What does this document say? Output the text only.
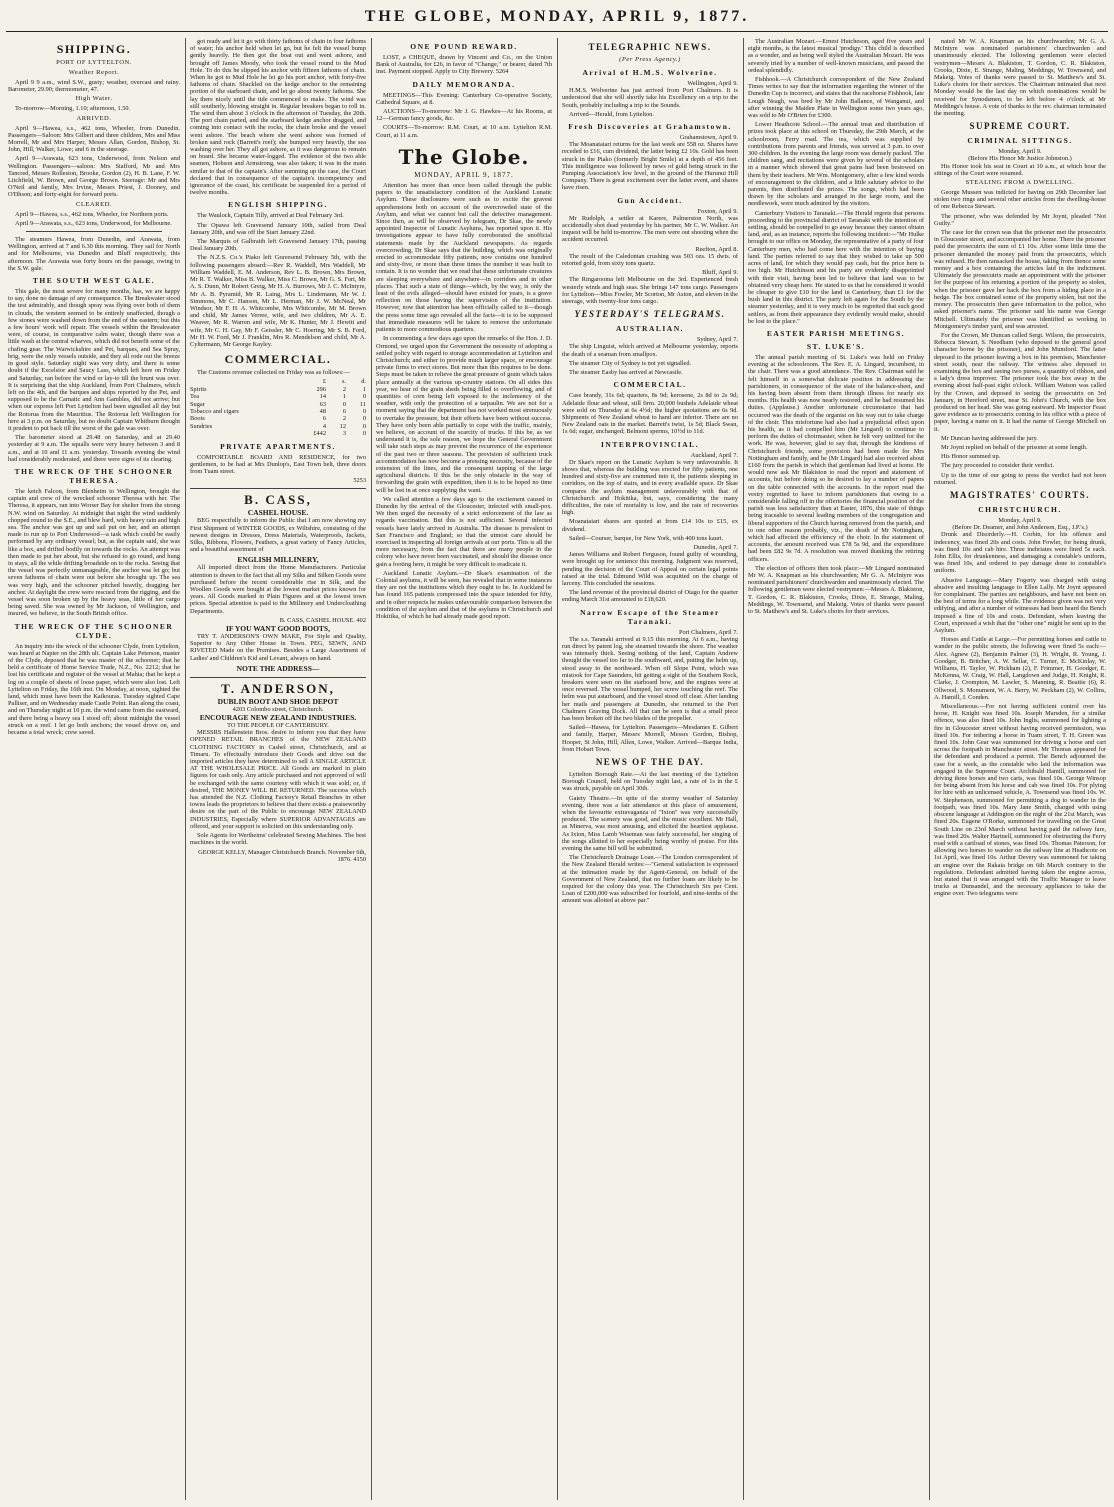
THE GLOBE, MONDAY, APRIL 9, 1877.
SHIPPING.
PORT OF LYTTELTON.
Weather Report.

April 9 9 a.m., wind S.W., gusty; weather, overcast and rainy. Barometer, 29.90; thermometer, 47.

High Water.

To-morrow—Morning, 1.10; afternoon, 1.50.

ARRIVED.

April 9—Hawea, s.s., 462 tons, Wheeler, from Dunedin. Passengers—Saloon: Mrs Gilbert and three children, Mrs and Miss Morrell, Mr and Mrs Harper, Messrs Allan, Gordon, Bishop, St. John, Hill, Walker, Lowe; and 6 in the steerage.

April 9—Arawata, 623 tons, Underwood, from Nelson and Wellington. Passengers—saloon: Mrs Stafford, Mr and Mrs Tancred, Messrs Rolleston, Brooke, Gordon (2), H. B. Lane, F. W. Litchfield, W. Brown, and George Brown. Steerage: Mr and Mrs O'Neil and family, Mrs Irvine, Messrs Priest, J. Dooney, and O'Dhson; and forty-eight for forward ports.

CLEARED.

April 9—Hawea, s.s., 462 tons, Wheeler, for Northern ports.

April 9—Arawata, s.s., 623 tons, Underwood, for Melbourne.

The steamers Hawea, from Dunedin, and Arawata, from Wellington, arrived at 7 and 6.30 this morning. They sail for North and for Melbourne, via Dunedin and Bluff respectively, this afternoon. The Arawata was forty hours on the passage, owing to the S.W. gale.

THE SOUTH WEST GALE.

This gale, the most severe for many months, has, we are happy to say, done no damage of any consequence. The Breakwater stood the test admirably, and though spray was flying over both of them in clouds, the western seemed to be entirely unaffected, though a few stones were washed down from the end of the eastern; but this a few hours' work will repair. The vessels within the Breakwater were, of course, in comparative calm water, though there was a little wash at the central wharves, which did not benefit some of the chafing gear. The Warwickshire and Pet, barques, and Sea Spray, brig, were the only vessels outside, and they all rode out the breeze in good style. Saturday night was very dirty, and there is some doubt if the Excelsior and Saucy Lass, which left here on Friday and Saturday, ran before the wind or lay-to till the brunt was over. It is surprising that the ship Auckland, from Port Chalmers, which left on the 4th, and the barques and ships reported by the Pet, and supposed to be the Carnatic and Ann Gambles, did not arrive; but when our express left Port Lyttelton had been signalled all day but the Rotorua from the Mauritius. The Rotorua left Wellington for here at 3 p.m. on Saturday, but no doubt Captain Whitburn thought it prudent to put back till the worst of the gale was over.

The barometer stood at 29.48 on Saturday, and at 29.40 yesterday at 9 a.m. The squalls were very heavy between 3 and 8 a.m., and at 10 and 11 a.m. yesterday. Towards evening the wind had considerably moderated, and there were signs of its clearing.

THE WRECK OF THE SCHOONER THERESA.

The ketch Falcon, from Blenheim to Wellington, brought the captain and crew of the wrecked schooner Theresa with her. The Theresa, it appears, ran into Worser Bay for shelter from the strong N.W. wind on Saturday. At midnight that night the wind suddenly chopped round to the S.E., and blew hard, with heavy rain and high sea. The anchor was got up and sail put on her, and an attempt made to run up to Port Underwood—a task which could be easily performed by any ordinary vessel; but, as the captain said, she was like a box, and drifted bodily on towards the rocks. An attempt was then made to put her about, but she refused to go round, and hung in stays, all the while drifting broadside on to the rocks. Seeing that the vessel was perfectly unmanageable, the anchor was let go; but seven fathoms of chain were out before she brought up. The sea was very high, and the schooner pitched heavily, dragging her anchor. At daylight the crew were rescued from the rigging, and the vessel was soon broken up by the heavy seas, little of her cargo being saved. She was owned by Mr Jackson, of Wellington, and insured, we believe, in the South British office.

THE WRECK OF THE SCHOONER CLYDE.

An inquiry into the wreck of the schooner Clyde, from Lyttelton, was heard at Napier on the 28th ult. Captain Lake Peterson, master of the Clyde, deposed that he was master of the schooner; that he held a certificate of Home Service Trade, N.Z., No. 2212; that he lost his certificate and register of the vessel at Mahia; that he kept a log on a couple of sheets of loose paper, which were also lost. Left Lyttelton on Friday, the 16th inst. On Monday, at noon, sighted the land, which must have been the Kaikouras. Tuesday sighted Cape Palliser, and on Wednesday made Castle Point. Ran along the coast, and on Thursday night at 10 p.m. the wind came from the eastward, and there being a heavy sea I stood off; about midnight the vessel struck on a reef. I let go both anchors; the vessel drove on, and became a total wreck; crew saved.

got ready and let it go with thirty fathoms of chain in four fathoms of water; his anchor held when let go, but he felt the vessel bump gently heavily. He then got the boat out and went ashore, and brought off James Moody, who took the vessel round to the Mud Hole. To do this he slipped his anchor with fifteen fathoms of chain. When he got to Mud Hole he let go his port anchor, with forty-five fathoms of chain. Shackled on the kedge anchor to the remaining portion of the starboard chain, and let go about twenty fathoms. She lay there nicely until the tide commenced to make. The wind was still southerly, blowing straight in. Regular breakers began to roll in. The wind then about 3 o'clock in the afternoon of Tuesday, the 20th. The port chain parted, and the starboard kedge anchor dragged, and coming into contact with the rocks, the chain broke and the vessel went ashore. The beach where she went ashore was formed of broken sand rock (Barrett's reef); she bumped very heavily, the sea washing over her. They all got ashore, as it was dangerous to remain on board. She became water-logged. The evidence of the two able seamen, Hobson and Armstrong, was also taken; it was in the main similar to that of the captain's. After summing up the case, the Court declared that in consequence of the captain's incompetency and ignorance of the coast, his certificate be suspended for a period of twelve months.

ENGLISH SHIPPING.

The Waulock, Captain Tilly, arrived at Deal February 3rd.

The Opawa left Gravesend January 10th, sailed from Deal January 20th, and was off the Start January 22nd.

The Marquis of Galbraith left Gravesend January 17th, passing Deal January 20th.

The N.Z.S. Co.'s Piako left Gravesend February 5th, with the following passengers aboard:—Rev R. Waddell, Mrs Waddell, Mr William Waddell, E. M. Anderson, Rev L. B. Brown, Mrs Brown, Mr R. T. Walker, Miss B. Walker, Miss C. Brown, Mr G. S. Fort, Mr A. S. Dunn, Mr Robert Greig, Mr H. A. Burrows, Mr J. C. McIntyre, Mr A. B. Pyramid, Mr R. Laing, Mrs L. Lindemann, Mr W. J. Simmons, Mr C. Hanson, Mr L. Herman, Mr J. W. McNeal, Mr Windsor, Mr F. H. A. Whitcombe, Mrs Whitcombe, Mr M. Brown and child, Mr James Verree, wife, and two children, Mr A. E. Weaver, Mr R. Warren and wife, Mr K. Hunter, Mr J. Hewitt and wife, Mr C. H. Gay, Mr F. Geissler, Mr C. Hoering, Mr S. B. Ford, Mr H. W. Ford, Mr J. Franklin, Mrs R. Mendelson and child, Mr A. Cyltermann, Mr George Kayley.

COMMERCIAL.

The Customs revenue collected on Friday was as follows:—

	£	s.	d.
Spirits	296	2	1
Tea	14	1	0
Sugar	63	0	11
Tobacco and cigars	48	6	0
Boots	6	2	0
Sundries	4	12	0
	£442	3	0
PRIVATE APARTMENTS.

COMFORTABLE BOARD AND RESIDENCE, for two gentlemen, to be had at Mrs Dunlop's, East Town belt, three doors from Tuam street.

5253
B. CASS,
CASHEL HOUSE.

BEG respectfully to inform the Public that I am now showing my First Shipment of WINTER GOODS, ex Wiltshire, consisting of the newest designs in Dresses, Dress Materials, Waterproofs, Jackets, Silks, Ribbons, Flowers, Feathers, a great variety of Fancy Articles, and a beautiful assortment of

ENGLISH MILLINERY,

All imported direct from the Home Manufacturers. Particular attention is drawn to the fact that all my Silks and Silken Goods were purchased before the recent considerable rise in Silk, and the Woollen Goods were bought at the lowest market prices known for years. All Goods marked in Plain Figures and at the lowest town prices. Special attention is paid to the Millinery and Undercloathing Departments.

B. CASS, CASHEL HOUSE. 402
IF YOU WANT GOOD BOOTS,

TRY T. ANDERSON'S OWN MAKE, For Style and Quality, Superior to Any Other House in Town. PEG, SEWN, AND RIVETED Made on the Premises. Besides a Large Assortment of Ladies' and Children's Kid and Levant, always on hand.

NOTE THE ADDRESS—
T. ANDERSON,
DUBLIN BOOT AND SHOE DEPOT
4203 Colombo street, Christchurch.
ENCOURAGE NEW ZEALAND INDUSTRIES.
TO THE PEOPLE OF CANTERBURY.

MESSRS Hallenstein Bros. desire to inform you that they have OPENED RETAIL BRANCHES of the NEW ZEALAND CLOTHING FACTORY in Cashel street, Christchurch, and at Timaru. To effectually introduce their Goods and drive out the imported articles they have determined to sell A SINGLE ARTICLE AT THE WHOLESALE PRICE. All Goods are marked in plain figures for cash only. Any article purchased and not approved of will be exchanged with the same courtesy with which it was sold; or, if desired, THE MONEY WILL BE RETURNED. The success which has attended the N.Z. Clothing Factory's Retail Branches in other towns leads the proprietors to believe that there exists a praiseworthy desire on the part of the Public to encourage NEW ZEALAND INDUSTRIES, Especially where SUPERIOR ADVANTAGES are offered, and your support is solicited on this understanding only.

Sole Agents for Wertheims' celebrated Sewing Machines. The best machines in the world.

GEORGE KELLY, Manager Christchurch Branch. November 6th, 1876. 4150
ONE POUND REWARD.

LOST, a CHEQUE, drawn by Vincent and Co., on the Union Bank of Australia, for £26, in favor of "Change," or bearer, dated 7th inst. Payment stopped. Apply to City Brewery. 5264

DAILY MEMORANDA.

MEETINGS—This Evening: Canterbury Co-operative Society, Cathedral Square, at 8.

AUCTIONS—To-morrow: Mr J. G. Hawkes—At his Rooms, at 12—German fancy goods, &c.

COURTS—To-morrow: R.M. Court, at 10 a.m. Lyttelton R.M. Court, at 11 a.m.

The Globe.
MONDAY, APRIL 9, 1877.

Attention has more than once been called through the public papers to the unsatisfactory condition of the Auckland Lunatic Asylum. These disclosures were such as to excite the gravest apprehensions both on account of the overcrowded state of the Asylum, and what we cannot but call the defective management. Since then, as will be observed by telegram, Dr Skae, the newly appointed Inspector of Lunatic Asylums, has reported upon it. His investigations appear to have fully corroborated the unofficial statements made by the Auckland newspapers. As regards overcrowding, Dr Skae says that the building, which was originally erected to accommodate fifty patients, now contains one hundred and sixty-five, or more than three times the number it was built to contain. It is no wonder that we read that these unfortunate creatures are sleeping everywhere and anywhere—in corridors and in other places. That such a state of things—which, by the way, is only the least of the evils alleged—should have existed for years, is a grave reflection on those having the supervision of the institution. However, now that attention has been officially called to it—though the press some time ago revealed all the facts—it is to be supposed that immediate measures will be taken to remove the unfortunate patients to more commodious quarters.

In commenting a few days ago upon the remarks of the Hon. J. D. Ormond, we urged upon the Government the necessity of adopting a settled policy with regard to storage accommodation at Lyttelton and Christchurch; and either to provide much larger space, or encourage private firms to erect stores. But more than this requires to be done. Steps must be taken to relieve the great pressure of grain which takes place annually at the various up-country stations. On all sides this year, we hear of the grain sheds being filled to overflowing, and of quantities of corn being left exposed to the inclemency of the weather, with only the protection of a tarpaulin. We are not for a moment saying that the department has not worked most strenuously to overtake the pressure, but their efforts have been without success. They have only been able partially to cope with the traffic, mainly, we believe, on account of the scarcity of trucks. If this be, as we understand it is, the sole reason, we hope the General Government will take such steps as may prevent the recurrence of the experience of the past two or three seasons. The provision of sufficient truck accommodation has now become a pressing necessity, because of the extension of the lines, and the consequent tapping of the large agricultural districts. If this be the only obstacle in the way of forwarding the grain with expedition, then it is to be hoped no time will be lost in at once supplying the want.

We called attention a few days ago to the excitement caused in Dunedin by the arrival of the Gloucester, infected with small-pox. We then urged the necessity of a strict enforcement of the law as regards vaccination. But this is not sufficient. Several infected vessels have lately arrived in Australia. The disease is prevalent in San Francisco and England; so that the utmost care should be exercised in inspecting all foreign arrivals at our ports. This is all the more necessary, from the fact that there are many people in the colony who have never been vaccinated, and should the disease once gain a footing here, it might be very difficult to eradicate it.

Auckland Lunatic Asylum.—Dr Skae's examination of the Colonial asylums, it will be seen, has revealed that in some instances they are not the institutions which they ought to be. In Auckland he has found 165 patients compressed into the space intended for fifty, and in other respects he makes unfavourable comparison between the condition of the asylum and that of the asylums in Christchurch and Hokitika, of which he had already made good report.

TELEGRAPHIC NEWS.
(Per Press Agency.)
Arrival of H.M.S. Wolverine.
Wellington, April 9.

H.M.S. Wolverine has just arrived from Port Chalmers. It is understood that she will shortly take his Excellency on a trip to the South, probably including a trip to the Sounds.

Arrived—Herald, from Lyttelton.

Fresh Discoveries at Grahamstown.
Grahamstown, April 9.

The Moanataiari returns for the last week are 558 oz. Shares have receded to £16, cum dividend, the latter being £2 10s. Gold has been struck in the Piako (formerly Bright Smile) at a depth of 456 feet. This intelligence was followed by news of gold being struck in the Pumping Association's low level, in the ground of the Hurunui Hill Company. There is great excitement over the latter event, and shares have risen.

Gun Accident.
Foxton, April 9.

Mr Rudolph, a settler at Karere, Palmerston North, was accidentally shot dead yesterday by his partner, Mr C. W. Walker. An inquest will be held to-morrow. The men were out shooting when the accident occurred.

Reefton, April 8.

The result of the Caledonian crushing was 503 ozs. 15 dwts. of retorted gold, from sixty tons quartz.

Bluff, April 9.

The Ringarooma left Melbourne on the 3rd. Experienced fresh westerly winds and high seas. She brings 147 tons cargo. Passengers for Lyttelton—Miss Fowler, Mr Scorton, Mr Aston, and eleven in the steerage, with twenty-four tons cargo.

YESTERDAY'S TELEGRAMS.
AUSTRALIAN.
Sydney, April 7.

The ship Linguist, which arrived at Melbourne yesterday, reports the death of a seaman from smallpox.

The steamer City of Sydney is not yet signalled.

The steamer Easby has arrived at Newcastle.

COMMERCIAL.

Case brandy, 31s 6d; quarters, 8s 9d; kerosene, 2s 8d to 2s 9d; Adelaide flour and wheat, still firm. 20,000 bushels Adelaide wheat were sold on Thursday at 6s 4½d; the higher quotations are 6s 9d. Shipments of New Zealand wheat to hand are inferior. There are no New Zealand oats in the market. Barrett's twist, 1s 5d; Black Swan, 1s 6d; sugar, unchanged; Belmont sperms, 10½d to 11d.

INTERPROVINCIAL.
Auckland, April 7.

Dr Skae's report on the Lunatic Asylum is very unfavourable. It shows that, whereas the building was erected for fifty patients, one hundred and sixty-five are crammed into it, the patients sleeping in corridors, on the top of stairs, and in every available space. Dr Skae compares the asylum management unfavourably with that of Christchurch and Hokitika, but, says, considering the many difficulties, the rate of mortality is low, and the rate of recoveries high.

Moanataiari shares are quoted at from £14 10s to £15, ex dividend.

Sailed—Courser, barque, for New York, with 400 tons kauri.

Dunedin, April 7.

James Williams and Robert Ferguson, found guilty of wounding, were brought up for sentence this morning. Judgment was reserved, pending the decision of the Court of Appeal on certain legal points raised at the trial. Edmund Wild was acquitted on the charge of larceny. This concluded the sessions.

The land revenue of the provincial district of Otago for the quarter ending March 31st amounted to £18,620.

Narrow Escape of the Steamer Taranaki.
Port Chalmers, April 7.

The s.s. Taranaki arrived at 9.15 this morning. At 6 a.m., having run direct by patent log, she steamed towards the shore. The weather was intensely thick. Seeing nothing of the land, Captain Andrew thought the vessel too far to the southward, and, putting the helm up, stood away to the northward. When off Slope Point, which was mistook for Cape Saunders, hit getting a sight of the Southern Rock, breakers were seen on the starboard bow, and the engines were at once reversed. The vessel bumped, her screw touching the reef. The helm was put astarboard, and the vessel stood off clear. After landing her mails and passengers at Dunedin, she returned to the Port Chalmers Graving Dock. All that can be seen is that a small piece has been broken off the two blades of the propeller.

Sailed—Hawea, for Lyttelton. Passengers—Mesdames E. Gilbert and family, Harper, Messrs Morrell, Messrs Gordon, Bishop, Hooper, St John, Hill, Allen, Lowe, Walker. Arrived—Barque India, from Hobart Town.

NEWS OF THE DAY.

Lyttelton Borough Rate.—At the last meeting of the Lyttelton Borough Council, held on Tuesday night last, a rate of 1s in the £ was struck, payable on April 30th.

Gaiety Theatre.—In spite of the stormy weather of Saturday evening, there was a fair attendance at this place of amusement, when the favourite extravaganza of "Ixion" was very successfully produced. The scenery was good, and the music excellent. Mr Hall, as Minerva, was most amusing, and elicited the heartiest applause. As Ixion, Miss Lamb Wiseman was fairly successful, her singing of the songs allotted to her especially being worthy of praise. For this evening the same bill will be submitted.

The Christchurch Drainage Loan.—The London correspondent of the New Zealand Herald writes:—"General satisfaction is expressed at the intimation made by the Agent-General, on behalf of the Government of New Zealand, that no further loans are likely to be required for the colony this year. The Christchurch Six per Cent. Loan of £200,000 was subscribed for fourfold, and nine-tenths of the amount was allotted at above par."

The Australian Mozart.—Ernest Hutcheson, aged five years and eight months, is the latest musical 'prodigy.' This child is described as a wonder, and as being well styled the Australian Mozart. He was severely tried by a number of well-known musicians, and passed the ordeal splendidly.

Fishhook.—A Christchurch correspondent of the New Zealand Times writes to say that the information regarding the winner of the Dunedin Cup is incorrect, and states that the racehorse Fishhook, late Lough Neagh, was bred by Mr John Ballance, of Wanganui, and after winning the Maiden Plate in Wellington some two years ago, was sold to Mr O'Brien for £300.

Lower Heathcote School.—The annual treat and distribution of prizes took place at this school on Thursday, the 29th March, at the schoolroom, Ferry road. The tea, which was supplied by contributions from parents and friends, was served at 3 p.m. to over 300 children. In the evening the large room was densely packed. The children sang, and recitations were given by several of the scholars in a manner which showed that great pains had been bestowed on them by their teachers. Mr Wm. Montgomery, after a few kind words of encouragement to the children, and a little salutary advice to the parents, then distributed the prizes. The songs, which had been drawn by the scholars and arranged in the large room, and the needlework, were much admired by the visitors.

Canterbury Visitors to Taranaki.—The Herald regrets that persons proceeding to the provincial district of Taranaki with the intention of settling, should be compelled to go away because they cannot obtain land, and, as an instance, reports the following incident:—"Mr Hulke brought to our office on Monday, the representative of a party of four Canterbury men, who had come here with the intention of buying land. The parties referred to say that they wished to take up 500 acres of land, for which they would pay cash, but the price here is too high. Mr Hutchinson and his party are evidently disappointed with their visit, having been led to believe that land was to be obtained very cheap here. He stated to us that he considered it would be cheaper to give £10 for the land in Canterbury, than £1 for the bush land in this district. The party left again for the South by the steamer yesterday, and it is very much to be regretted that such good settlers, as from their appearance they evidently would make, should be lost to the place."

EASTER PARISH MEETINGS.
ST. LUKE'S.

The annual parish meeting of St. Luke's was held on Friday evening at the schoolroom. The Rev. E. A. Lingard, incumbent, in the chair. There was a good attendance. The Rev. Chairman said he felt himself in a somewhat delicate position in addressing the parishioners, in consequence of the state of the balance-sheet, and his having been absent from them through illness for nearly six months. His health was now nearly restored, and he had resumed his duties. (Applause.) Another unfortunate circumstance that had occurred was the death of the organist on his way out to take charge of the choir. This misfortune had also had a prejudicial effect upon his health, as it had compelled him (Mr Lingard) to continue to perform the duties of choirmaster, when he felt very unfitted for the work. He was, however, glad to say that, through the kindness of Christchurch friends, some provision had been made for Mrs Nottingham and family, and he (Mr Lingard) had also received about £160 from the parish in which that gentleman had lived at home. He would now ask Mr Blakiston to read the report and statement of accounts, but before doing so he desired to lay a number of papers on the table connected with the accounts. In the report read the vestry regretted to have to inform parishioners that owing to a considerable falling off in the offertories the financial position of the parish was less satisfactory than at Easter, 1876, this state of things being traceable to several leading members of the congregation and liberal supporters of the Church having removed from the parish, and to one other reason probably, viz., the death of Mr Nottingham, which had affected the efficiency of the choir. In the statement of accounts, the amount received was £78 5s 9d, and the expenditure had been £82 9s 7d. A resolution was moved thanking the retiring officers.

The election of officers then took place:—Mr Lingard nominated Mr W. A. Knapman as his churchwarden; Mr G. A. McIntyre was nominated parishioners' churchwarden and unanimously elected. The following gentlemen were elected vestrymen:—Messrs A. Blakiston, T. Gordon, C. R. Blakiston, Crooks, Dixie, E. Strange, Maling, Meddings, W. Townsend, and Makeig. Votes of thanks were passed to St. Matthew's and St. Luke's choirs for their services.

nated Mr W. A. Knapman as his churchwarden; Mr G. A. McIntyre was nominated parishioners' churchwarden and unanimously elected. The following gentlemen were elected vestrymen—Messrs A. Blakiston, T. Gordon, C. R. Blakiston, Crooks, Dixie, E. Strange, Maling, Meddings, W. Townsend, and Makeig. Votes of thanks were passed to St. Matthew's and St. Luke's choirs for their services. The Chairman intimated that next Monday would be the last day on which nominations would be received for Synodsmen, to be left before 4 o'clock at Mr Meddings's house. A vote of thanks to the rev. chairman terminated the meeting.

SUPREME COURT.
CRIMINAL SITTINGS.
Monday, April 9.
(Before His Honor Mr Justice Johnston.)

His Honor took his seat in Court at 10 a.m., at which hour the sittings of the Court were resumed.

STEALING FROM A DWELLING.

George Mussen was indicted for having on 29th December last stolen two rings and several other articles from the dwelling-house of one Rebecca Stewart.

The prisoner, who was defended by Mr Joynt, pleaded "Not Guilty."

The case for the crown was that the prisoner met the prosecutrix in Gloucester street, and accompanied her home. There the prisoner paid the prosecutrix the sum of £1 10s. After some little time the prisoner demanded the money paid from the prosecutrix, which was refused. He then ransacked the house, taking from thence some money and a box containing the articles laid in the indictment. Ultimately the prosecutrix made an appointment with the prisoner for the purpose of his returning a portion of the property so stolen, when the prisoner gave her back the box from a hiding place in a hedge. The box contained some of the property stolen, but not the money. The prosecutrix then gave information to the police, who asked prisoner's name. The prisoner said his name was George Mitchell. Ultimately the prisoner was identified as working in Montgomery's timber yard, and was arrested.

For the Crown, Mr Duncan called Sergt. Wilson, the prosecutrix, Rebecca Stewart, S. Needham (who deposed to the general good character borne by the prisoner), and John Mumford. The latter deposed to the prisoner leaving a box in his premises, Manchester street south, near the railway. The witness also deposed to examining the box and seeing two purses, a quantity of ribbon, and a lady's dress improver. The prisoner took the box away in the evening about half-past eight o'clock. William Watson was called by the Crown, and deposed to seeing the prosecutrix on 3rd January, in Hereford street, near St. John's Church, with the box produced on her head. She was going eastward. Mr Inspector Feast gave evidence as to prosecutrix coming to his office with a piece of paper, having a name on it. It had the name of George Mitchell on it.

Mr Duncan having addressed the jury.

Mr Joynt replied on behalf of the prisoner at some length.

His Honor summed up.

The jury proceeded to consider their verdict.

Up to the time of our going to press the verdict had not been returned.

MAGISTRATES' COURTS.
CHRISTCHURCH.
Monday, April 9.
(Before Dr. Deamer, and John Anderson, Esq., J.P.'s.)

Drunk and Disorderly.—H. Corbin, for his offence and indecency, was fined 20s and costs. John Fowler, for being drunk, was fined 10s and cab hire. Three inebriates were fined 5s each. John Ellis, for drunkenness, and damaging a constable's uniform, was fined 10s, and ordered to pay damage done to constable's uniform.

Abusive Language.—Mary Fogerty was charged with using abusive and insulting language to Ellen Lally. Mr Joynt appeared for complainant. The parties are neighbours, and have not been on the best of terms for a long while. The evidence given was not very edifying, and after a number of witnesses had been heard the Bench imposed a fine of 10s and costs. Defendant, when leaving the Court, expressed a wish that the "other one" might be sent up to the Asylum.

Horses and Cattle at Large.—For permitting horses and cattle to wander in the public streets, the following were fined 5s each:—Alex. Agnew (2), Benjamin Palmer (3), H. Wright, R. Young, J. Goodger, B. Britcher, A. W. Sellar, C. Turner, E. McKinlay, W. Williams, H. Taylor, W. Pickham (2), F. Frimmer, H. Goodger, E. McKenna, W. Craig, W. Hall, Langdown and Judge, H. Knight, R. Clarke, J. Crompton, M. Lawler, S. Manning, R. Beattie (6), R. Ollwood, S. Monument, W. A. Berry, W. Peckham (2), W. Collins, A. Hamill, J. Conden.

Miscellaneous.—For not having sufficient control over his horse, H. Knight was fined 10s. Joseph Marsden, for a similar offence, was also fined 10s. John Inglis, summoned for lighting a fire in Gloucester street without having received permission, was fined 10s. For tethering a horse in Tuam street, T. H. Green was fined 10s. John Gear was summoned for driving a horse and cart across the footpath in Manchester street. Mr Thomas appeared for the defendant and produced a permit. The Bench adjourned the case for a week, as the constable who laid the information was engaged in the Supreme Court. Archibald Hamill, summoned for driving three horses and two carts, was fined 10s. George Winsop for being absent from his horse and cab was fined 10s. For plying for hire with an unlicensed vehicle, A. Townsend was fined 10s. W. W. Stephenson, summoned for permitting a dog to wander in the footpath, was fined 10s. Mary Jane Smith, charged with using obscene language at Addington on the night of the 21st March, was fined 20s. Eugene O'Rorke, summoned for travelling on the Great South Line on 23rd March without having paid the railway fare, was fined 20s. Walter Hartnell, summoned for obstructing the Ferry road with a cartload of stones, was fined 10s. Thomas Paterson, for allowing two horses to wander on the railway line at Heathcote on 1st April, was fined 10s. Arthur Devery was summoned for taking an engine over the Rakaia bridge on 6th March contrary to the regulations. Defendant admitted having taken the engine across, but stated that it was arranged with the Traffic Manager to leave trucks at Dunsandel, and the necessary appliances to take the engine over. Two telegrams were
